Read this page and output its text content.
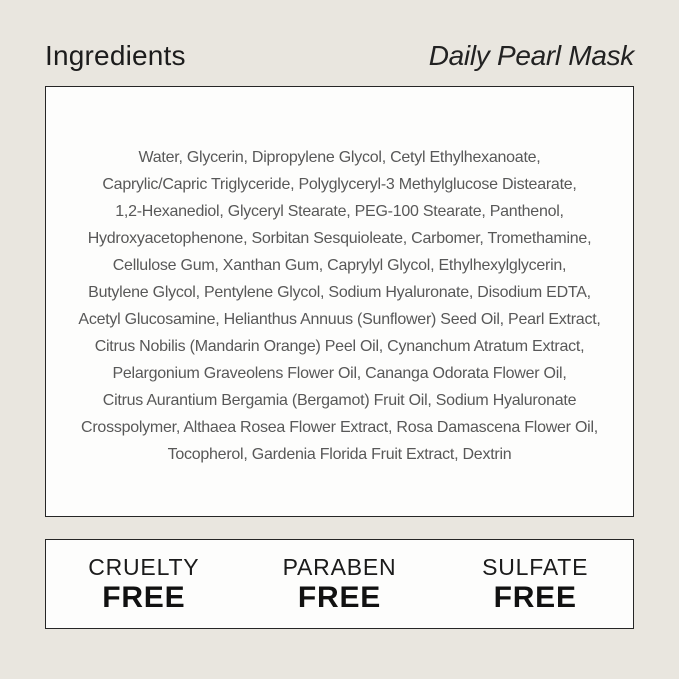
Ingredients	Daily Pearl Mask
Water, Glycerin, Dipropylene Glycol, Cetyl Ethylhexanoate,
Caprylic/Capric Triglyceride, Polyglyceryl-3 Methylglucose Distearate,
1,2-Hexanediol, Glyceryl Stearate, PEG-100 Stearate, Panthenol,
Hydroxyacetophenone, Sorbitan Sesquioleate, Carbomer, Tromethamine,
Cellulose Gum, Xanthan Gum, Caprylyl Glycol, Ethylhexylglycerin,
Butylene Glycol, Pentylene Glycol, Sodium Hyaluronate, Disodium EDTA,
Acetyl Glucosamine, Helianthus Annuus (Sunflower) Seed Oil, Pearl Extract,
Citrus Nobilis (Mandarin Orange) Peel Oil, Cynanchum Atratum Extract,
Pelargonium Graveolens Flower Oil, Cananga Odorata Flower Oil,
Citrus Aurantium Bergamia (Bergamot) Fruit Oil, Sodium Hyaluronate
Crosspolymer, Althaea Rosea Flower Extract, Rosa Damascena Flower Oil,
Tocopherol, Gardenia Florida Fruit Extract, Dextrin
CRUELTY
FREE
PARABEN
FREE
SULFATE
FREE
